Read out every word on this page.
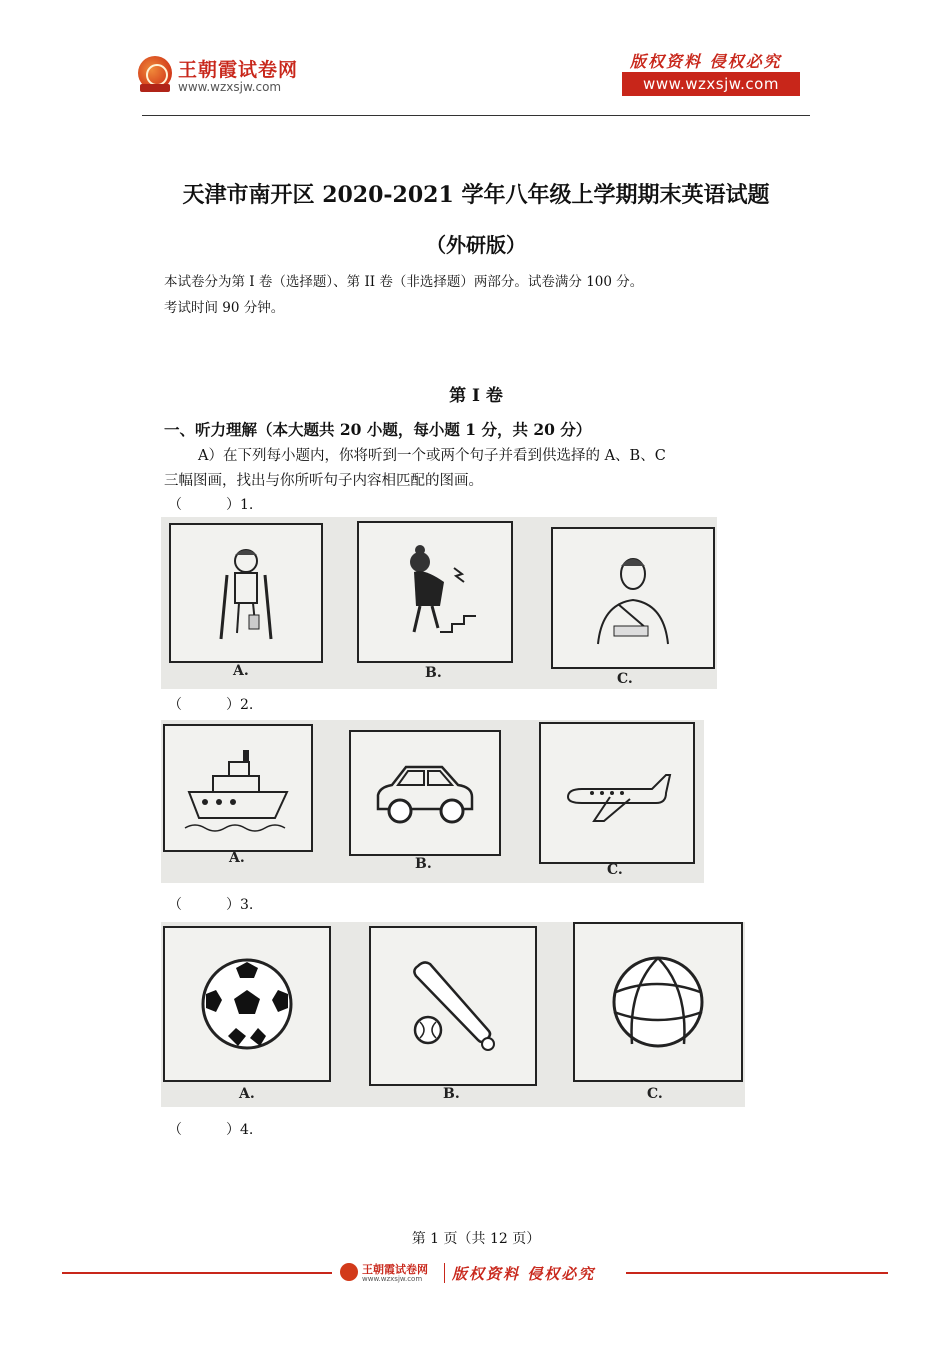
王朝霞试卷网
www.wzxsjw.com
版权资料 侵权必究
www.wzxsjw.com
天津市南开区 2020-2021 学年八年级上学期期末英语试题
（外研版）
本试卷分为第 I 卷（选择题）、第 II 卷（非选择题）两部分。试卷满分 100 分。
考试时间 90 分钟。
第 I 卷
一、听力理解（本大题共 20 小题，每小题 1 分，共 20 分）
A）在下列每小题内，你将听到一个或两个句子并看到供选择的 A、B、C
三幅图画，找出与你所听句子内容相匹配的图画。
（	）1.
A.	B.	C.
（	）2.
A.	B.	C.
（	）3.
A.	B.	C.
（	）4.
第 1 页（共 12 页）
王朝霞试卷网
www.wzxsjw.com 版权资料 侵权必究
